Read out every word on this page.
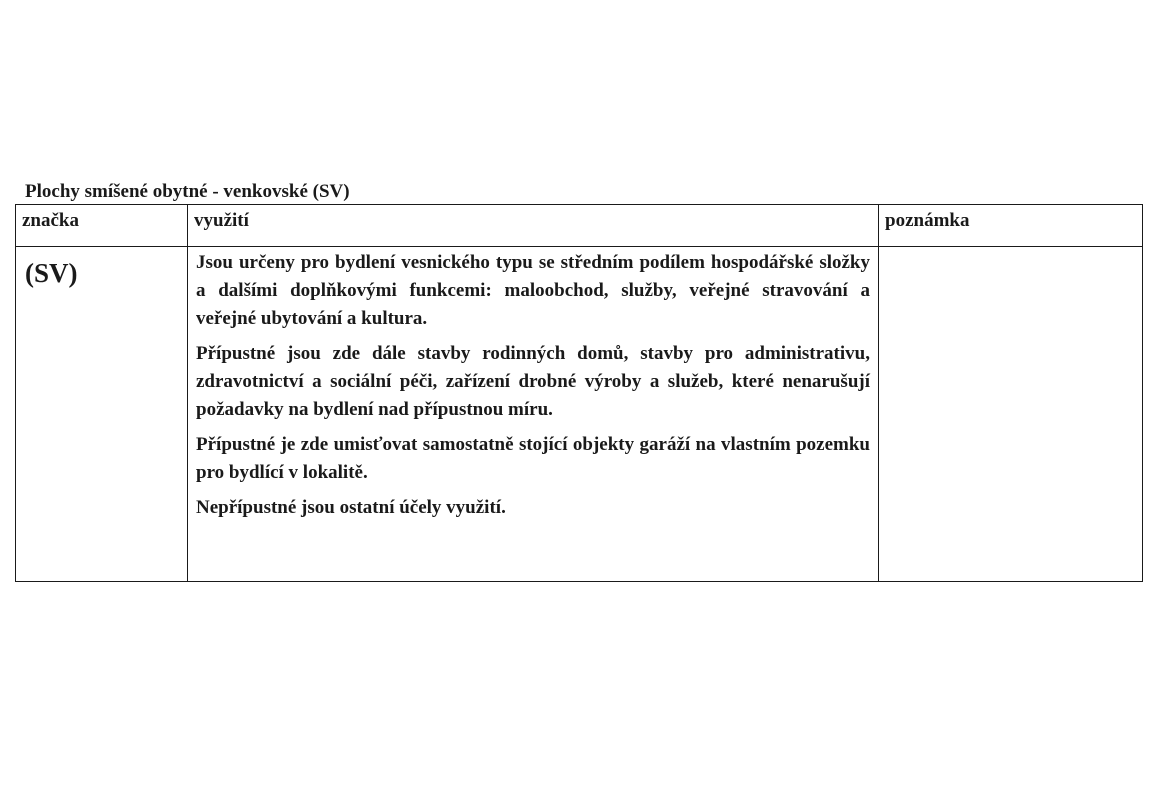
Plochy smíšené obytné - venkovské (SV)
značka	využití	poznámka

(SV)	Jsou určeny pro bydlení vesnického typu se středním podílem hospodářské složky a dalšími doplňkovými funkcemi: maloobchod, služby, veřejné stravování a veřejné ubytování a kultura.

Přípustné jsou zde dále stavby rodinných domů, stavby pro administrativu, zdravotnictví a sociální péči, zařízení drobné výroby a služeb, které nenarušují požadavky na bydlení nad přípustnou míru.

Přípustné je zde umisťovat samostatně stojící objekty garáží na vlastním pozemku pro bydlící v lokalitě.

Nepřípustné jsou ostatní účely využití.	
